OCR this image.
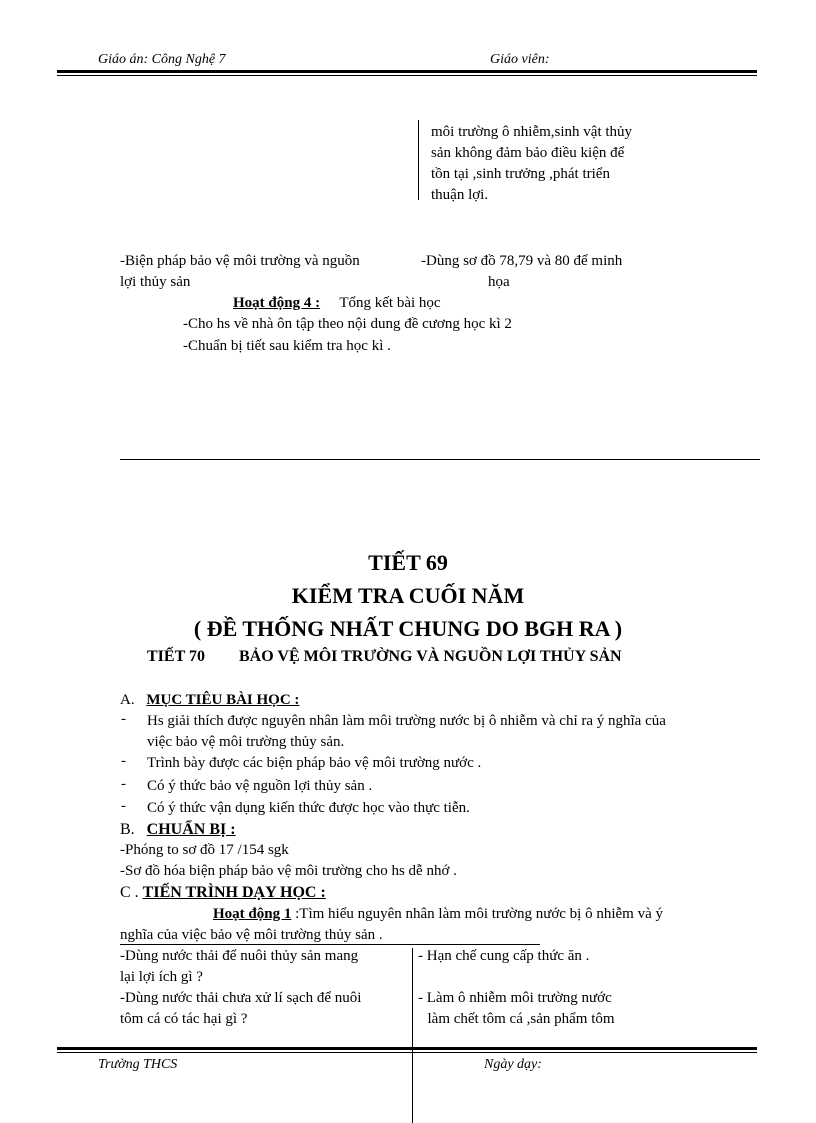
Giáo án: Công Nghệ 7	Giáo viên:
môi trường ô nhiễm,sinh vật thủy
sản không đảm bảo điều kiện để
tồn tại ,sinh trưởng ,phát triển
thuận lợi.
-Biện pháp bảo vệ môi trường và nguồn
lợi thủy sản
-Dùng sơ đồ 78,79 và 80 để minh
họa
Hoạt động 4 : Tổng kết bài học
-Cho hs về nhà ôn tập theo nội dung đề cương học kì 2
-Chuẩn bị tiết sau kiểm tra học kì .
TIẾT 69
KIỂM TRA CUỐI NĂM
( ĐỀ THỐNG NHẤT CHUNG DO BGH RA )
TIẾT 70 BẢO VỆ MÔI TRƯỜNG VÀ NGUỒN LỢI THỦY SẢN
A. MỤC TIÊU BÀI HỌC :
- Hs giải thích được nguyên nhân làm môi trường nước bị ô nhiễm và chỉ ra ý nghĩa của
việc bảo vệ môi trường thủy sản.
- Trình bày được các biện pháp bảo vệ môi trường nước .
- Có ý thức bảo vệ nguồn lợi thủy sản .
- Có ý thức vận dụng kiến thức được học vào thực tiễn.
B. CHUẨN BỊ :
-Phóng to sơ đồ 17 /154 sgk
-Sơ đồ hóa biện pháp bảo vệ môi trường cho hs dễ nhớ .
C . TIẾN TRÌNH DẠY HỌC :
Hoạt động 1 :Tìm hiểu nguyên nhân làm môi trường nước bị ô nhiễm và ý
nghĩa của việc bảo vệ môi trường thủy sản .
-Dùng nước thải để nuôi thủy sản mang
lại lợi ích gì ?
-Dùng nước thải chưa xử lí sạch để nuôi
tôm cá có tác hại gì ?
- Hạn chế cung cấp thức ăn .
- Làm ô nhiễm môi trường nước
làm chết tôm cá ,sản phẩm tôm
Trường THCS	Ngày dạy:
